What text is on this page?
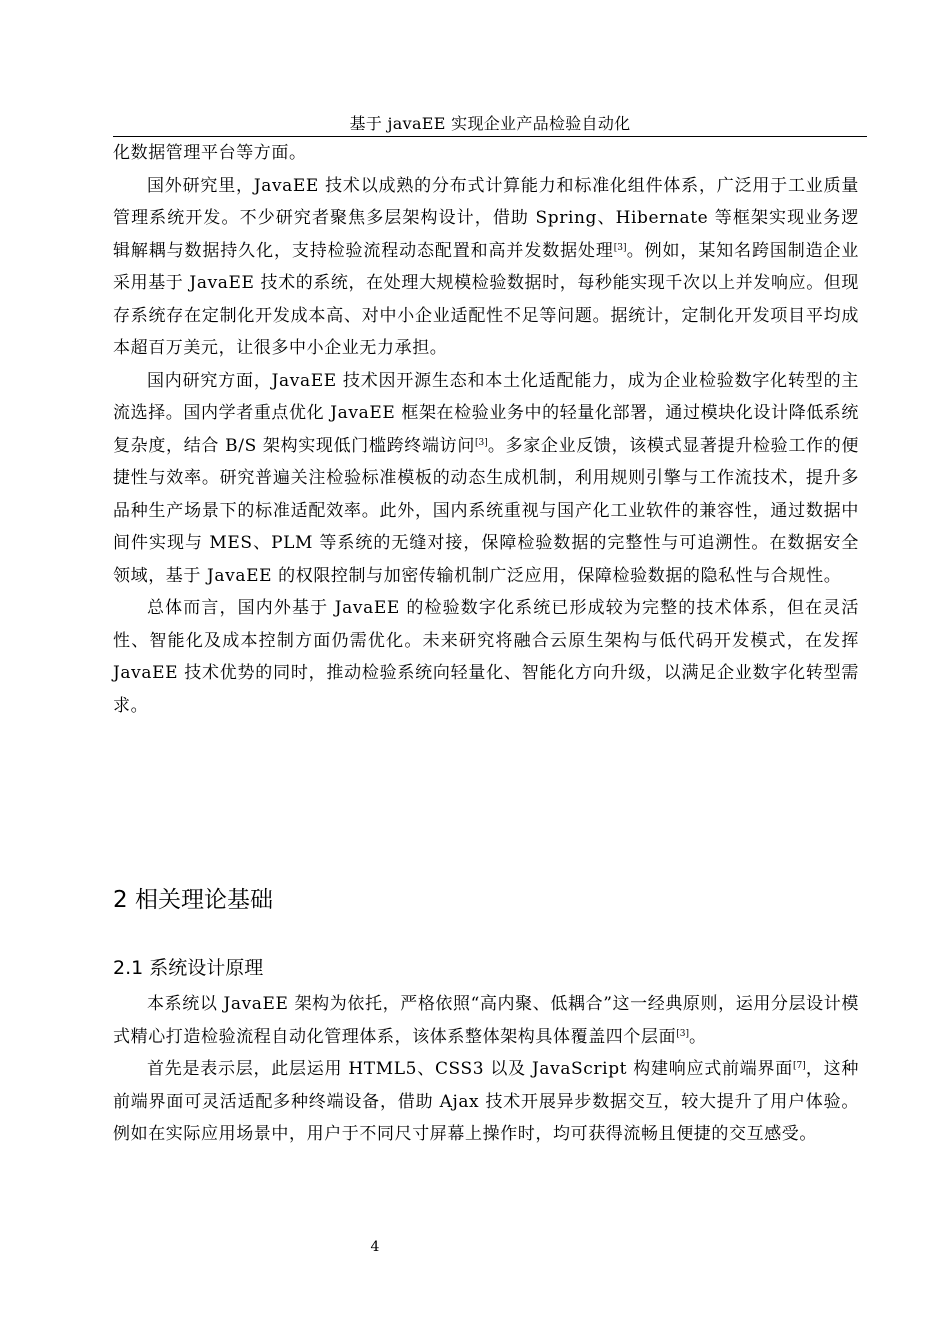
基于 javaEE 实现企业产品检验自动化

化数据管理平台等方面。

国外研究里，JavaEE 技术以成熟的分布式计算能力和标准化组件体系，广泛用于工业质量管理系统开发。不少研究者聚焦多层架构设计，借助 Spring、Hibernate 等框架实现业务逻辑解耦与数据持久化，支持检验流程动态配置和高并发数据处理[3]。例如，某知名跨国制造企业采用基于 JavaEE 技术的系统，在处理大规模检验数据时，每秒能实现千次以上并发响应。但现存系统存在定制化开发成本高、对中小企业适配性不足等问题。据统计，定制化开发项目平均成本超百万美元，让很多中小企业无力承担。

国内研究方面，JavaEE 技术因开源生态和本土化适配能力，成为企业检验数字化转型的主流选择。国内学者重点优化 JavaEE 框架在检验业务中的轻量化部署，通过模块化设计降低系统复杂度，结合 B/S 架构实现低门槛跨终端访问[3]。多家企业反馈，该模式显著提升检验工作的便捷性与效率。研究普遍关注检验标准模板的动态生成机制，利用规则引擎与工作流技术，提升多品种生产场景下的标准适配效率。此外，国内系统重视与国产化工业软件的兼容性，通过数据中间件实现与 MES、PLM 等系统的无缝对接，保障检验数据的完整性与可追溯性。在数据安全领域，基于 JavaEE 的权限控制与加密传输机制广泛应用，保障检验数据的隐私性与合规性。

总体而言，国内外基于 JavaEE 的检验数字化系统已形成较为完整的技术体系，但在灵活性、智能化及成本控制方面仍需优化。未来研究将融合云原生架构与低代码开发模式，在发挥 JavaEE 技术优势的同时，推动检验系统向轻量化、智能化方向升级，以满足企业数字化转型需求。

2 相关理论基础
2.1 系统设计原理

本系统以 JavaEE 架构为依托，严格依照“高内聚、低耦合”这一经典原则，运用分层设计模式精心打造检验流程自动化管理体系，该体系整体架构具体覆盖四个层面[3]。

首先是表示层，此层运用 HTML5、CSS3 以及 JavaScript 构建响应式前端界面[7]，这种前端界面可灵活适配多种终端设备，借助 Ajax 技术开展异步数据交互，较大提升了用户体验。例如在实际应用场景中，用户于不同尺寸屏幕上操作时，均可获得流畅且便捷的交互感受。

4
